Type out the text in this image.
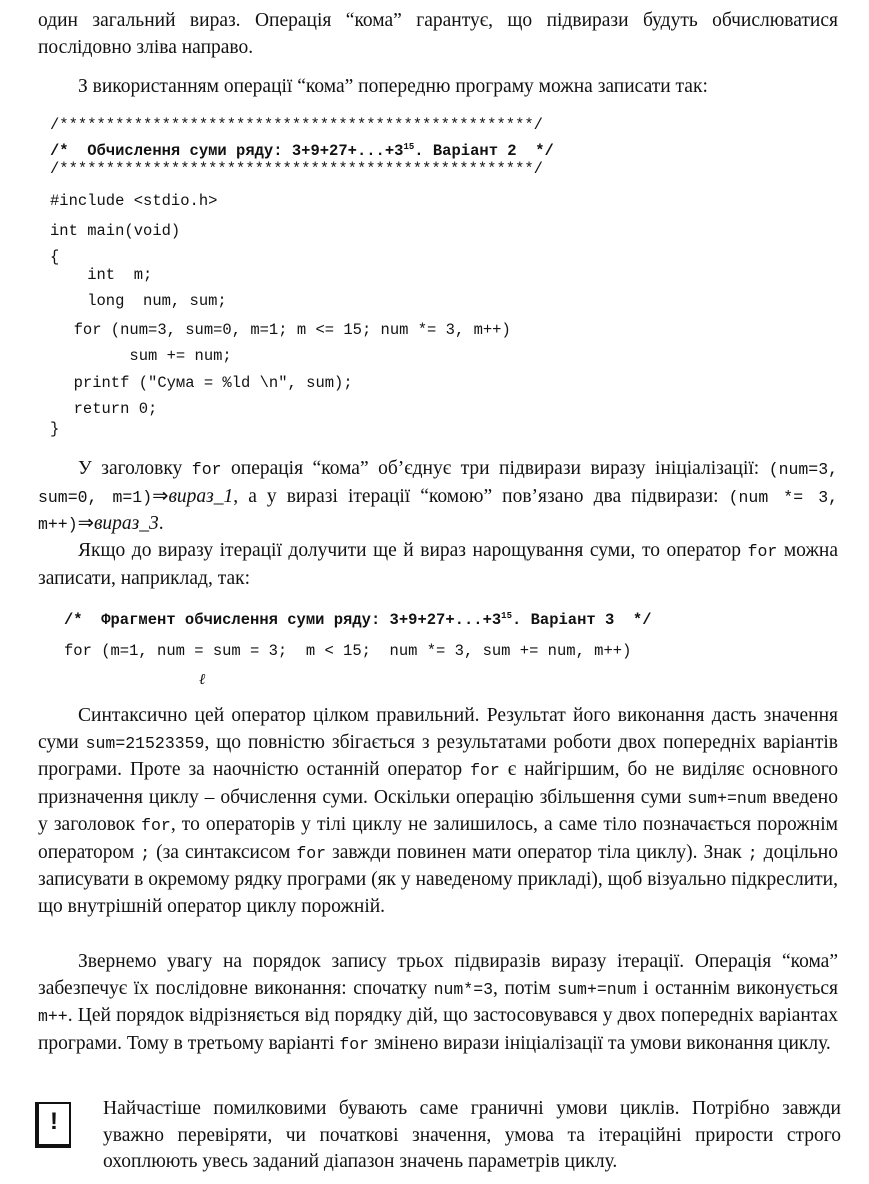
один загальний вираз. Операція “кома” гарантує, що підвирази будуть обчислюватися послідовно зліва направо.
З використанням операції “кома” попередню програму можна записати так:
/***************************************************/
/*  Обчислення суми ряду: $3+9+27+...+3^{15}$. Варіант 2  */
/***************************************************/
#include <stdio.h>
int main(void)
{
int  m;
long  num, sum;
for (num=3, sum=0, m=1; m <= 15; num *= 3, m++)
sum += num;
printf ("Сума = %ld \n", sum);
return 0;
}
У заголовку for операція “кома” об’єднує три підвирази виразу ініціалізації: (num=3, sum=0, m=1)⇒вираз_1, а у виразі ітерації “комою” пов’язано два підвирази: (num *= 3, m++)⇒вираз_3.
Якщо до виразу ітерації долучити ще й вираз нарощування суми, то оператор for можна записати, наприклад, так:
/*  Фрагмент обчислення суми ряду: $3+9+27+...+3^{15}$. Варіант 3  */
for (m=1, num = sum = 3;  m < 15;  num *= 3, sum += num, m++)
ℓ
Синтаксично цей оператор цілком правильний. Результат його виконання дасть значення суми sum=21523359, що повністю збігається з результатами роботи двох попередніх варіантів програми. Проте за наочністю останній оператор for є найгіршим, бо не виділяє основного призначення циклу – обчислення суми. Оскільки операцію збільшення суми sum+=num введено у заголовок for, то операторів у тілі циклу не залишилось, а саме тіло позначається порожнім оператором ; (за синтаксисом for завжди повинен мати оператор тіла циклу). Знак ; доцільно записувати в окремому рядку програми (як у наведеному прикладі), щоб візуально підкреслити, що внутрішній оператор циклу порожній.
Звернемо увагу на порядок запису трьох підвиразів виразу ітерації. Операція “кома” забезпечує їх послідовне виконання: спочатку num*=3, потім sum+=num і останнім виконується m++. Цей порядок відрізняється від порядку дій, що застосовувався у двох попередніх варіантах програми. Тому в третьому варіанті for змінено вирази ініціалізації та умови виконання циклу.
!	Найчастіше помилковими бувають саме граничні умови циклів. Потрібно завжди уважно перевіряти, чи початкові значення, умова та ітераційні прирости строго охоплюють увесь заданий діапазон значень параметрів циклу.
